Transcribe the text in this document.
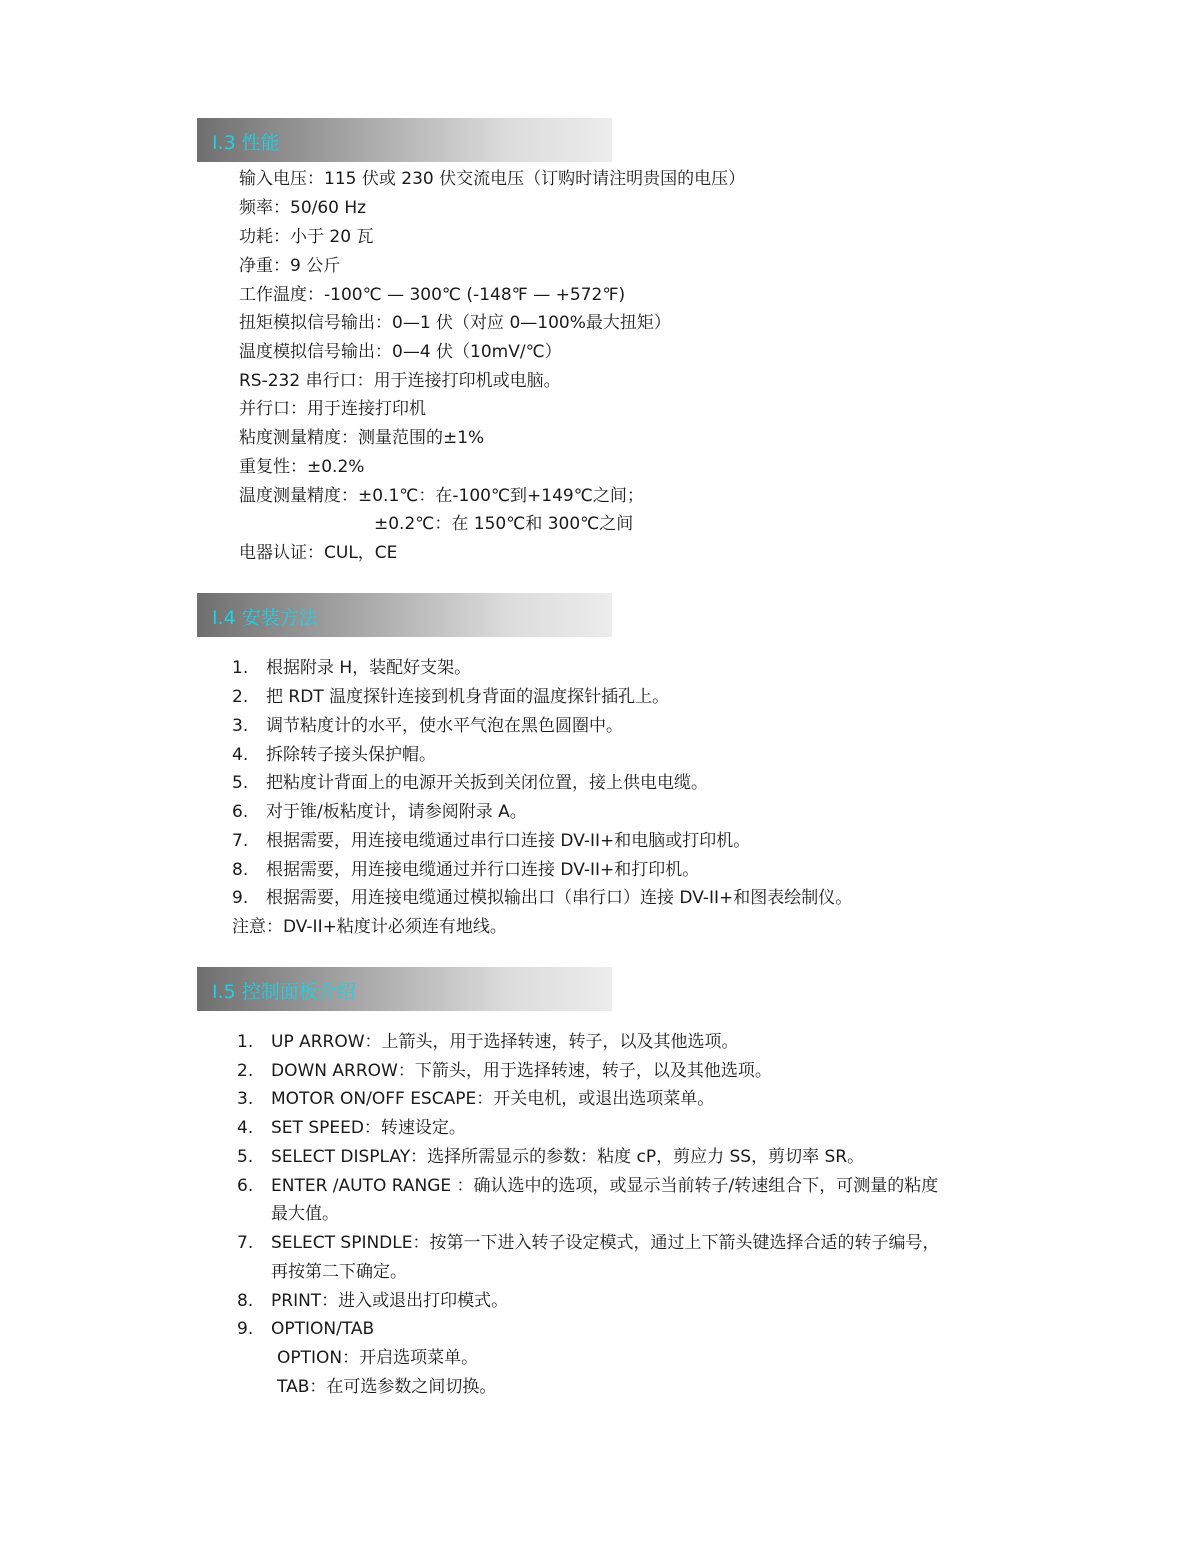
I.3 性能
输入电压：115 伏或 230 伏交流电压（订购时请注明贵国的电压）
频率：50/60 Hz
功耗：小于 20 瓦
净重：9 公斤
工作温度：-100℃ — 300℃ (-148℉ — +572℉)
扭矩模拟信号输出：0—1 伏（对应 0—100%最大扭矩）
温度模拟信号输出：0—4 伏（10mV/℃）
RS-232 串行口：用于连接打印机或电脑。
并行口：用于连接打印机
粘度测量精度：测量范围的±1%
重复性：±0.2%
温度测量精度：±0.1℃：在-100℃到+149℃之间；
±0.2℃：在 150℃和 300℃之间
电器认证：CUL，CE
I.4 安装方法
1. 根据附录 H，装配好支架。
2. 把 RDT 温度探针连接到机身背面的温度探针插孔上。
3. 调节粘度计的水平，使水平气泡在黑色圆圈中。
4. 拆除转子接头保护帽。
5. 把粘度计背面上的电源开关扳到关闭位置，接上供电电缆。
6. 对于锥/板粘度计，请参阅附录 A。
7. 根据需要，用连接电缆通过串行口连接 DV-II+和电脑或打印机。
8. 根据需要，用连接电缆通过并行口连接 DV-II+和打印机。
9. 根据需要，用连接电缆通过模拟输出口（串行口）连接 DV-II+和图表绘制仪。
注意：DV-II+粘度计必须连有地线。
I.5 控制面板介绍
1. UP ARROW：上箭头，用于选择转速，转子，以及其他选项。
2. DOWN ARROW：下箭头，用于选择转速，转子，以及其他选项。
3. MOTOR ON/OFF ESCAPE：开关电机，或退出选项菜单。
4. SET SPEED：转速设定。
5. SELECT DISPLAY：选择所需显示的参数：粘度 cP，剪应力 SS，剪切率 SR。
6. ENTER /AUTO RANGE ：确认选中的选项，或显示当前转子/转速组合下，可测量的粘度
最大值。
7. SELECT SPINDLE：按第一下进入转子设定模式，通过上下箭头键选择合适的转子编号，
再按第二下确定。
8. PRINT：进入或退出打印模式。
9. OPTION/TAB
OPTION：开启选项菜单。
TAB：在可选参数之间切换。
